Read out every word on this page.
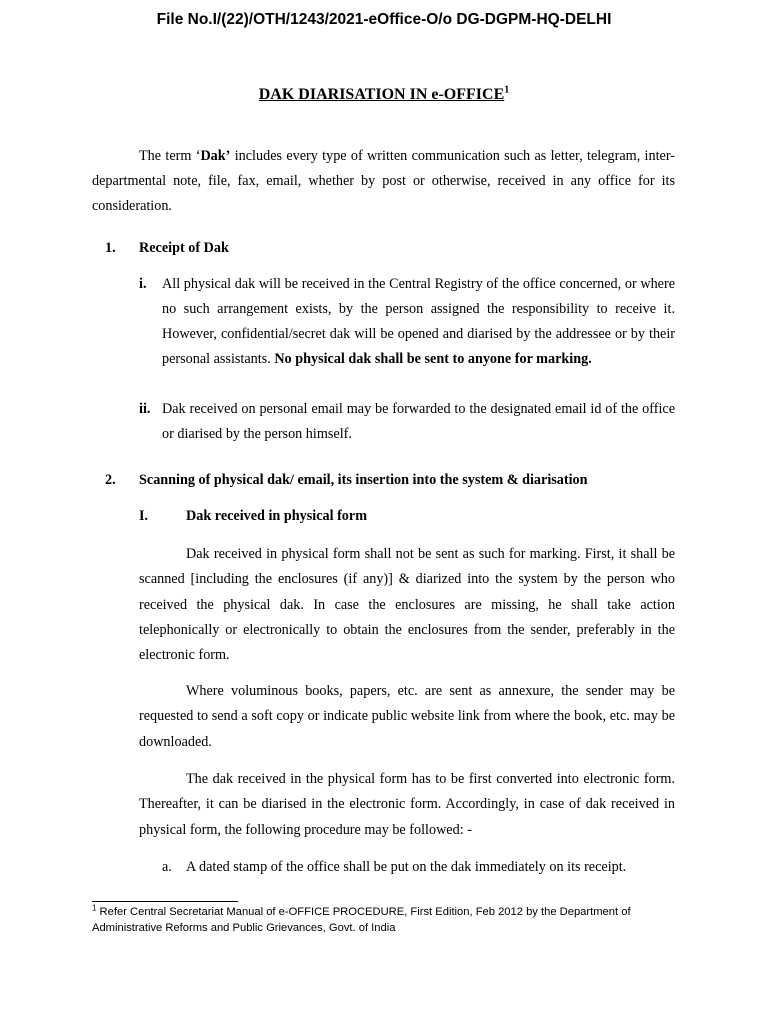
File No.I/(22)/OTH/1243/2021-eOffice-O/o DG-DGPM-HQ-DELHI
DAK DIARISATION IN e-OFFICE$^1$
The term ‘Dak’ includes every type of written communication such as letter, telegram, inter-departmental note, file, fax, email, whether by post or otherwise, received in any office for its consideration.
1. Receipt of Dak
i. All physical dak will be received in the Central Registry of the office concerned, or where no such arrangement exists, by the person assigned the responsibility to receive it. However, confidential/secret dak will be opened and diarised by the addressee or by their personal assistants. No physical dak shall be sent to anyone for marking.
ii. Dak received on personal email may be forwarded to the designated email id of the office or diarised by the person himself.
2. Scanning of physical dak/ email, its insertion into the system & diarisation
I.	Dak received in physical form
Dak received in physical form shall not be sent as such for marking. First, it shall be scanned [including the enclosures (if any)] & diarized into the system by the person who received the physical dak. In case the enclosures are missing, he shall take action telephonically or electronically to obtain the enclosures from the sender, preferably in the electronic form.
Where voluminous books, papers, etc. are sent as annexure, the sender may be requested to send a soft copy or indicate public website link from where the book, etc. may be downloaded.
The dak received in the physical form has to be first converted into electronic form. Thereafter, it can be diarised in the electronic form. Accordingly, in case of dak received in physical form, the following procedure may be followed: -
a. A dated stamp of the office shall be put on the dak immediately on its receipt.
$^1$ Refer Central Secretariat Manual of e-OFFICE PROCEDURE, First Edition, Feb 2012 by the Department of Administrative Reforms and Public Grievances, Govt. of India
